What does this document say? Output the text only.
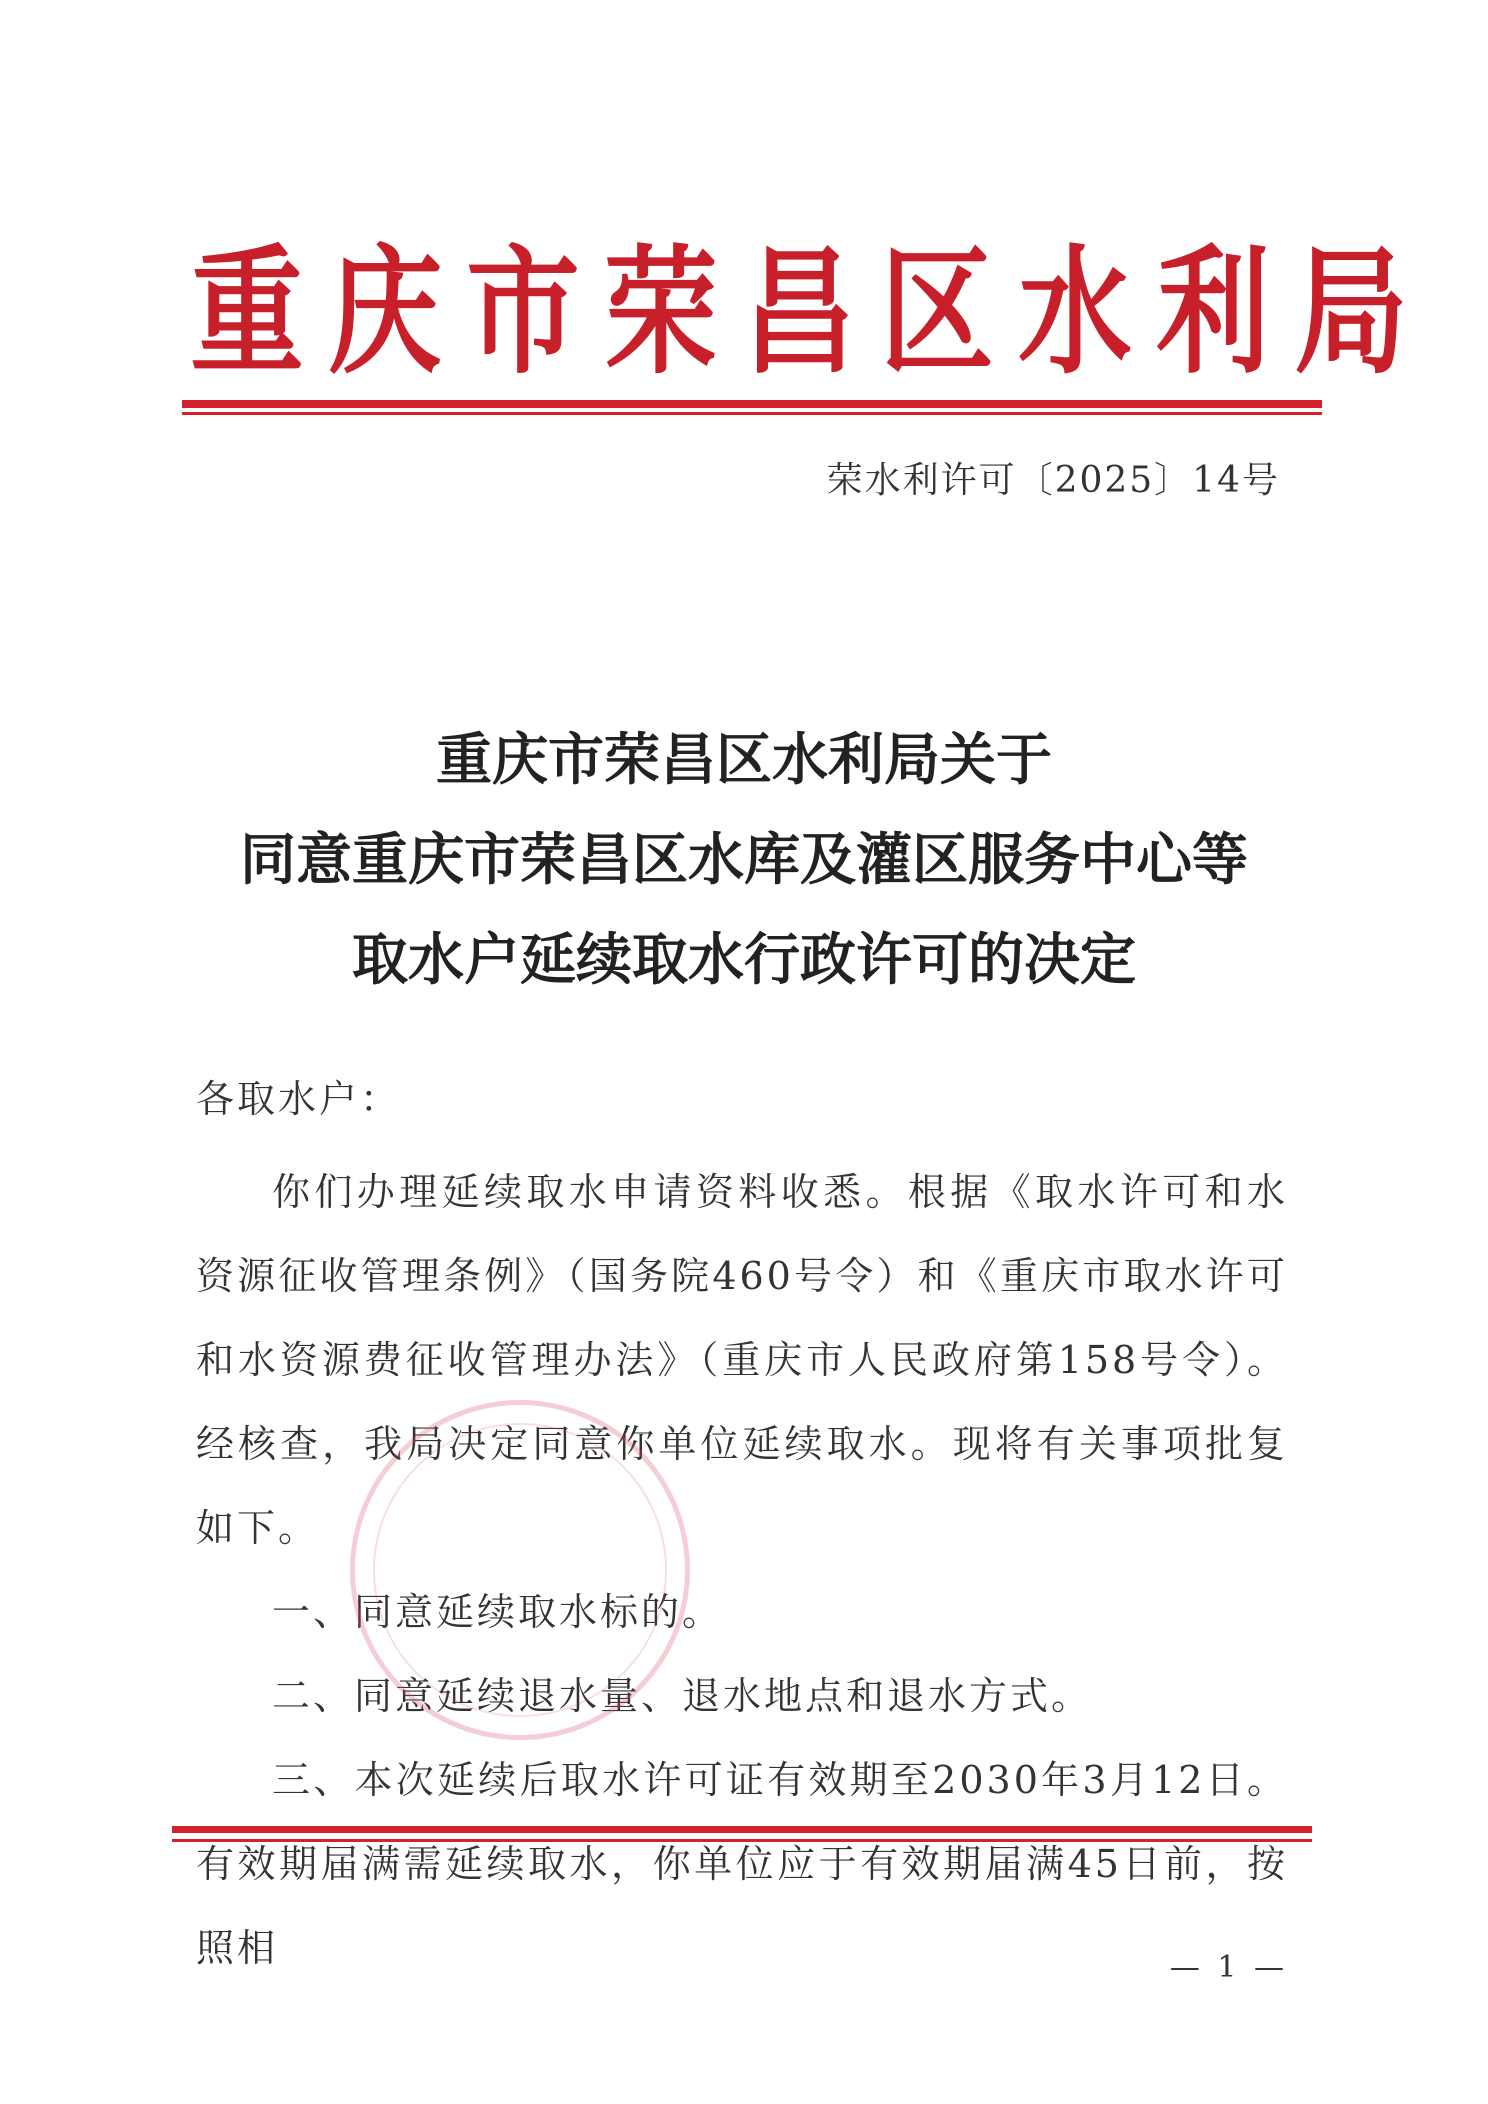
重 庆 市 荣 昌 区 水 利 局
荣水利许可〔2025〕14号
重庆市荣昌区水利局关于
同意重庆市荣昌区水库及灌区服务中心等
取水户延续取水行政许可的决定
各取水户：

你们办理延续取水申请资料收悉。根据《取水许可和水资源征收管理条例》（国务院460号令）和《重庆市取水许可和水资源费征收管理办法》（重庆市人民政府第158号令）。经核查，我局决定同意你单位延续取水。现将有关事项批复如下。

一、同意延续取水标的。

二、同意延续退水量、退水地点和退水方式。

三、本次延续后取水许可证有效期至2030年3月12日。有效期届满需延续取水，你单位应于有效期届满45日前，按照相	— 1 —
